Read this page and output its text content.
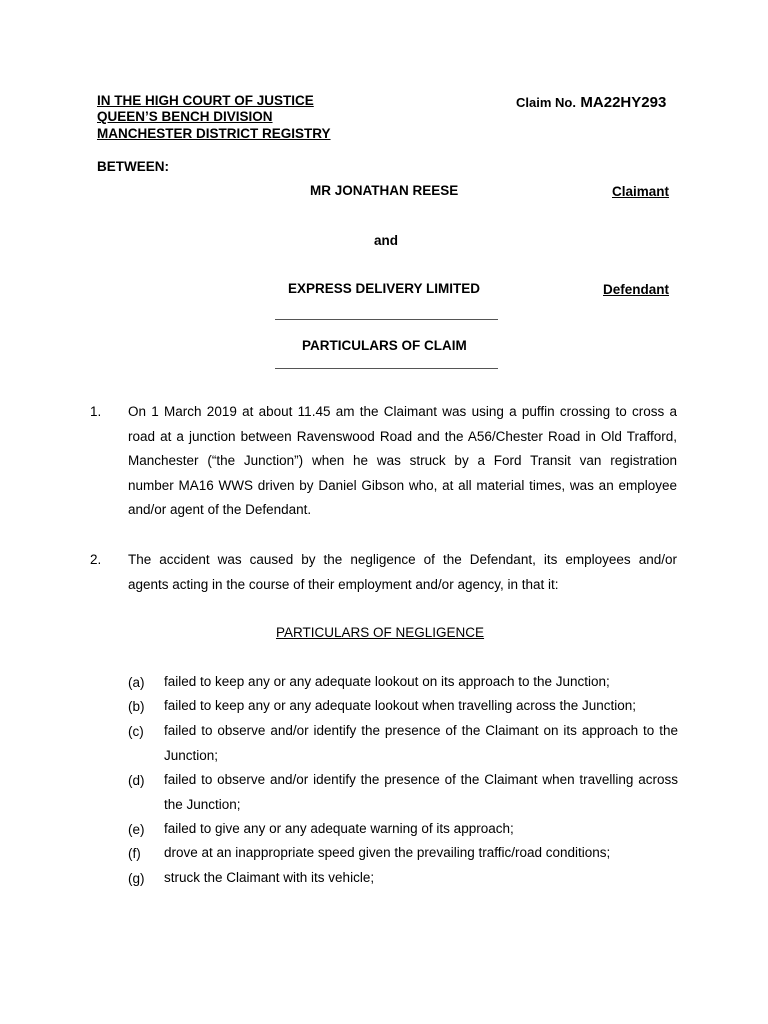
IN THE HIGH COURT OF JUSTICE
QUEEN’S BENCH DIVISION
MANCHESTER DISTRICT REGISTRY
Claim No. MA22HY293
BETWEEN:
MR JONATHAN REESE	Claimant
and
EXPRESS DELIVERY LIMITED	Defendant
PARTICULARS OF CLAIM
1. On 1 March 2019 at about 11.45 am the Claimant was using a puffin crossing to cross a
road at a junction between Ravenswood Road and the A56/Chester Road in Old Trafford,
Manchester (“the Junction”) when he was struck by a Ford Transit van registration
number MA16 WWS driven by Daniel Gibson who, at all material times, was an employee
and/or agent of the Defendant.
2. The accident was caused by the negligence of the Defendant, its employees and/or
agents acting in the course of their employment and/or agency, in that it:
PARTICULARS OF NEGLIGENCE
(a) failed to keep any or any adequate lookout on its approach to the Junction;
(b) failed to keep any or any adequate lookout when travelling across the Junction;
(c) failed to observe and/or identify the presence of the Claimant on its approach to the
Junction;
(d) failed to observe and/or identify the presence of the Claimant when travelling across
the Junction;
(e) failed to give any or any adequate warning of its approach;
(f) drove at an inappropriate speed given the prevailing traffic/road conditions;
(g) struck the Claimant with its vehicle;
